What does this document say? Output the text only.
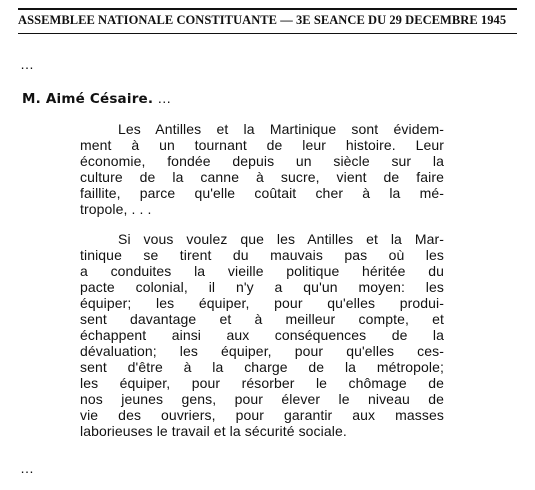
ASSEMBLEE NATIONALE CONSTITUANTE — 3E SEANCE DU 29 DECEMBRE 1945
…
M. Aimé Césaire. …

Les Antilles et la Martinique sont évidem-
ment à un tournant de leur histoire. Leur
économie, fondée depuis un siècle sur la
culture de la canne à sucre, vient de faire
faillite, parce qu'elle coûtait cher à la mé-
tropole, . . .

Si vous voulez que les Antilles et la Mar-
tinique se tirent du mauvais pas où les
a conduites la vieille politique héritée du
pacte colonial, il n'y a qu'un moyen: les
équiper; les équiper, pour qu'elles produi-
sent davantage et à meilleur compte, et
échappent ainsi aux conséquences de la
dévaluation; les équiper, pour qu'elles ces-
sent d'être à la charge de la métropole;
les équiper, pour résorber le chômage de
nos jeunes gens, pour élever le niveau de
vie des ouvriers, pour garantir aux masses
laborieuses le travail et la sécurité sociale.

…
